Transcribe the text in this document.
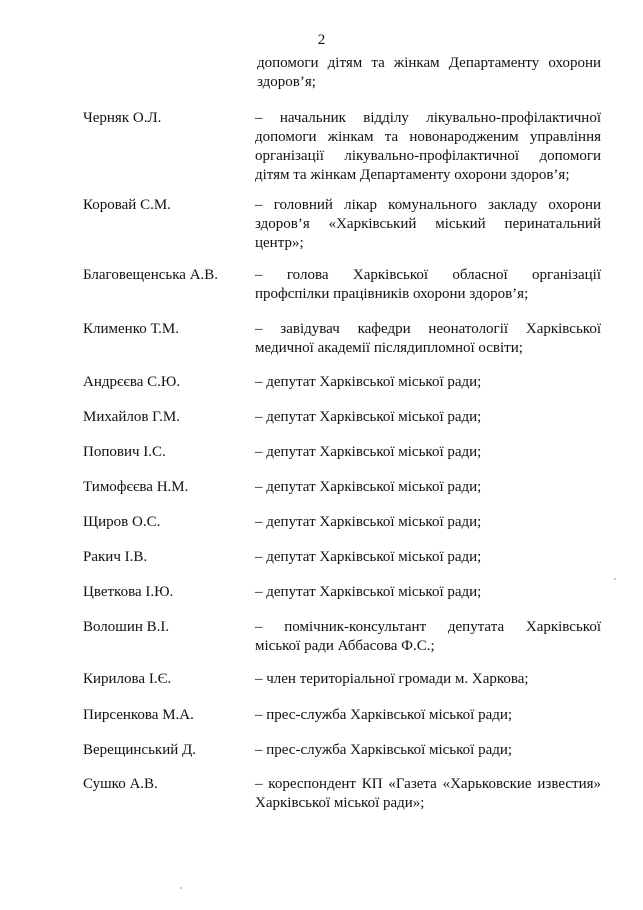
2
допомоги дітям та жінкам Департаменту охорони
здоров’я;
Черняк О.Л.	– начальник відділу лікувально-профілактичної
допомоги жінкам та новонародженим управління
організації лікувально-профілактичної допомоги
дітям та жінкам Департаменту охорони здоров’я;
Коровай С.М.	– головний лікар комунального закладу охорони
здоров’я «Харківський міський перинатальний
центр»;
Благовещенська А.В.	– голова Харківської обласної організації
профспілки працівників охорони здоров’я;
Клименко Т.М.	– завідувач кафедри неонатології Харківської
медичної академії післядипломної освіти;
Андрєєва С.Ю.	– депутат Харківської міської ради;
Михайлов Г.М.	– депутат Харківської міської ради;
Попович І.С.	– депутат Харківської міської ради;
Тимофєєва Н.М.	– депутат Харківської міської ради;
Щиров О.С.	– депутат Харківської міської ради;
Ракич І.В.	– депутат Харківської міської ради;
Цветкова І.Ю.	– депутат Харківської міської ради;
Волошин В.І.	– помічник-консультант депутата Харківської
міської ради Аббасова Ф.С.;
Кирилова І.Є.	– член територіальної громади м. Харкова;
Пирсенкова М.А.	– прес-служба Харківської міської ради;
Верещинський Д.	– прес-служба Харківської міської ради;
Сушко А.В.	– кореспондент КП «Газета «Харьковские известия»
Харківської міської ради»;
